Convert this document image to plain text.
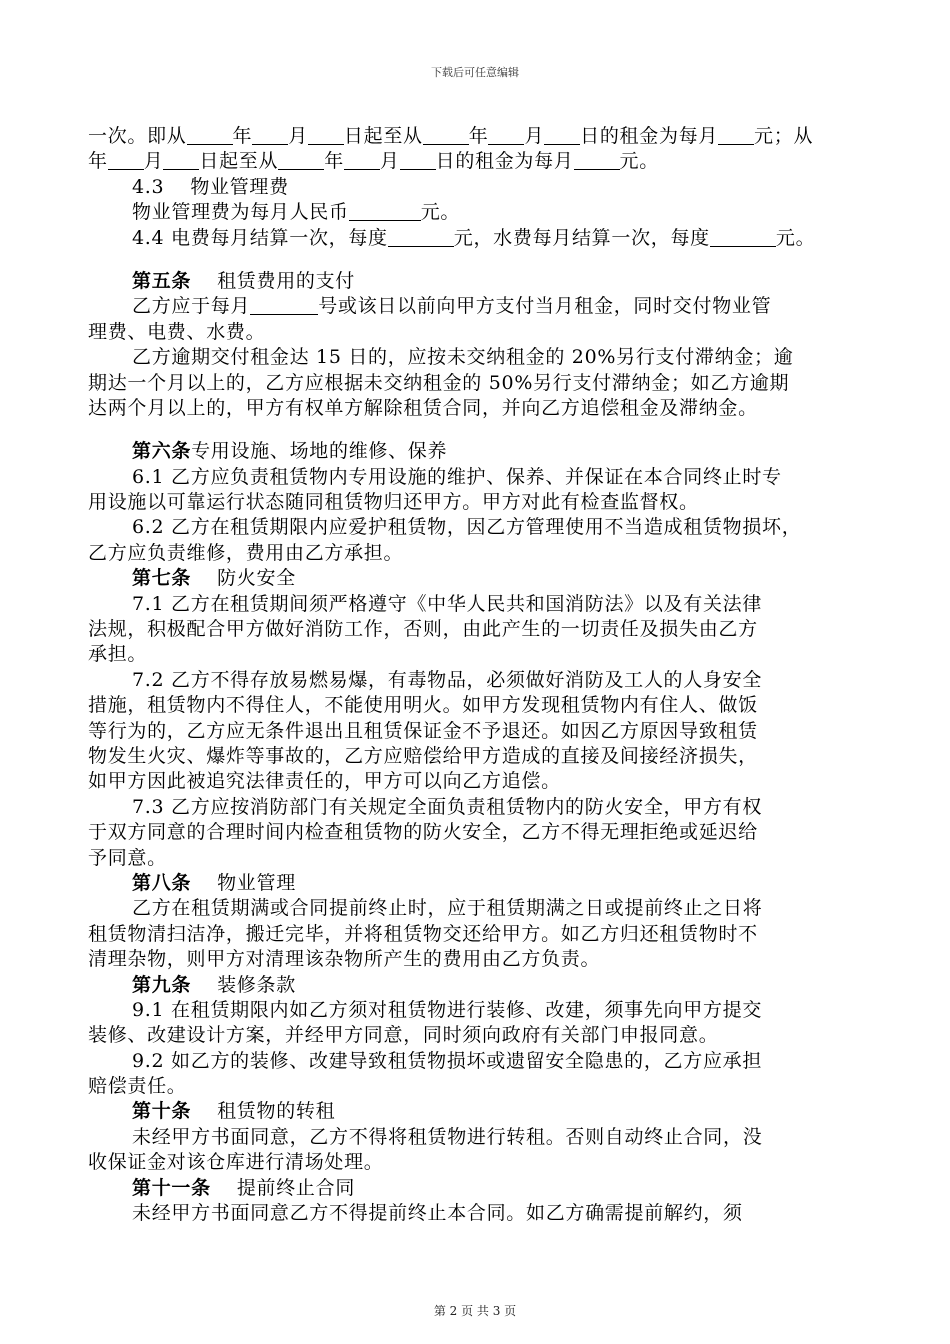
下载后可任意编辑
一次。即从 年 月 日起至从 年 月 日的租金为每月 元；从
年 月 日起至从 年 月 日的租金为每月 元。
4.3 物业管理费
物业管理费为每月人民币	元。
4.4 电费每月结算一次，每度	元，水费每月结算一次，每度	元。
第五条 租赁费用的支付
乙方应于每月	号或该日以前向甲方支付当月租金，同时交付物业管
理费、电费、水费。
乙方逾期交付租金达 15 日的，应按未交纳租金的 20%另行支付滞纳金；逾
期达一个月以上的，乙方应根据未交纳租金的 50%另行支付滞纳金；如乙方逾期
达两个月以上的，甲方有权单方解除租赁合同，并向乙方追偿租金及滞纳金。
第六条专用设施、场地的维修、保养
6.1 乙方应负责租赁物内专用设施的维护、保养、并保证在本合同终止时专
用设施以可靠运行状态随同租赁物归还甲方。甲方对此有检查监督权。
6.2 乙方在租赁期限内应爱护租赁物，因乙方管理使用不当造成租赁物损坏，
乙方应负责维修，费用由乙方承担。
第七条 防火安全
7.1 乙方在租赁期间须严格遵守《中华人民共和国消防法》以及有关法律
法规，积极配合甲方做好消防工作，否则，由此产生的一切责任及损失由乙方
承担。
7.2 乙方不得存放易燃易爆，有毒物品，必须做好消防及工人的人身安全
措施，租赁物内不得住人，不能使用明火。如甲方发现租赁物内有住人、做饭
等行为的，乙方应无条件退出且租赁保证金不予退还。如因乙方原因导致租赁
物发生火灾、爆炸等事故的，乙方应赔偿给甲方造成的直接及间接经济损失，
如甲方因此被追究法律责任的，甲方可以向乙方追偿。
7.3 乙方应按消防部门有关规定全面负责租赁物内的防火安全，甲方有权
于双方同意的合理时间内检查租赁物的防火安全，乙方不得无理拒绝或延迟给
予同意。
第八条 物业管理
乙方在租赁期满或合同提前终止时，应于租赁期满之日或提前终止之日将
租赁物清扫洁净，搬迁完毕，并将租赁物交还给甲方。如乙方归还租赁物时不
清理杂物，则甲方对清理该杂物所产生的费用由乙方负责。
第九条 装修条款
9.1 在租赁期限内如乙方须对租赁物进行装修、改建，须事先向甲方提交
装修、改建设计方案，并经甲方同意，同时须向政府有关部门申报同意。
9.2 如乙方的装修、改建导致租赁物损坏或遗留安全隐患的，乙方应承担
赔偿责任。
第十条 租赁物的转租
未经甲方书面同意，乙方不得将租赁物进行转租。否则自动终止合同，没
收保证金对该仓库进行清场处理。
第十一条 提前终止合同
未经甲方书面同意乙方不得提前终止本合同。如乙方确需提前解约，须
第 2 页 共 3 页
